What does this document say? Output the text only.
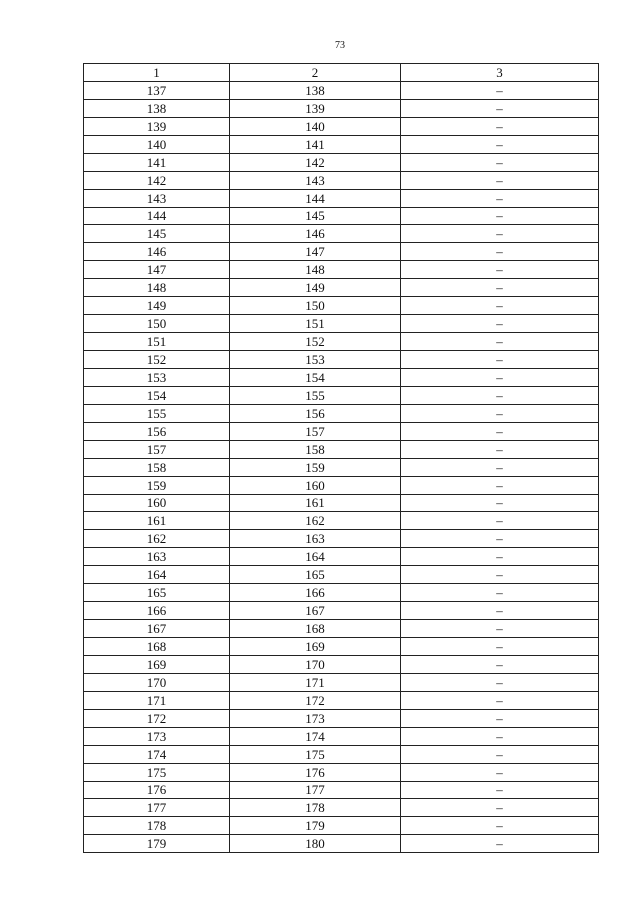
73
1	2	3
137	138	–
138	139	–
139	140	–
140	141	–
141	142	–
142	143	–
143	144	–
144	145	–
145	146	–
146	147	–
147	148	–
148	149	–
149	150	–
150	151	–
151	152	–
152	153	–
153	154	–
154	155	–
155	156	–
156	157	–
157	158	–
158	159	–
159	160	–
160	161	–
161	162	–
162	163	–
163	164	–
164	165	–
165	166	–
166	167	–
167	168	–
168	169	–
169	170	–
170	171	–
171	172	–
172	173	–
173	174	–
174	175	–
175	176	–
176	177	–
177	178	–
178	179	–
179	180	–
